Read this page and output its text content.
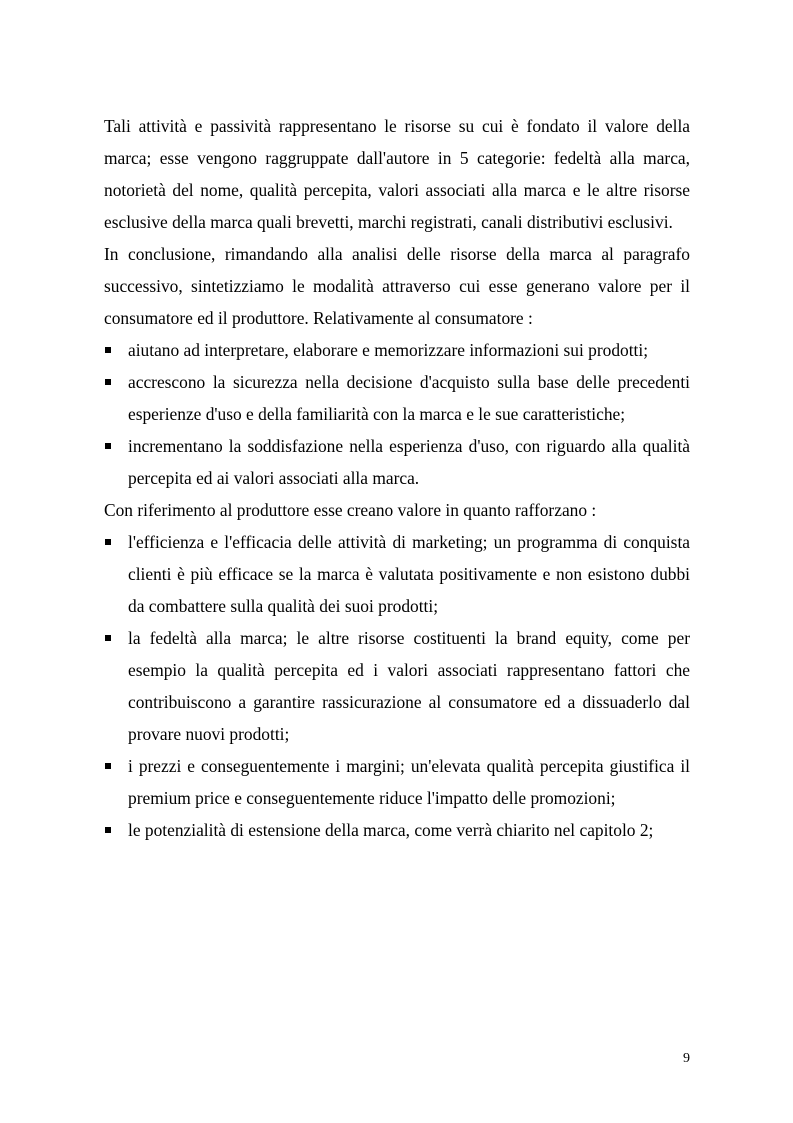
Tali attività e passività rappresentano le risorse su cui è fondato il valore della marca; esse vengono raggruppate dall'autore in 5 categorie: fedeltà alla marca, notorietà del nome, qualità percepita, valori associati alla marca e le altre risorse esclusive della marca quali brevetti, marchi registrati, canali distributivi esclusivi.

In conclusione, rimandando alla analisi delle risorse della marca al paragrafo successivo, sintetizziamo le modalità attraverso cui esse generano valore per il consumatore ed il produttore. Relativamente al consumatore :

aiutano ad interpretare, elaborare e memorizzare informazioni sui prodotti;
accrescono la sicurezza nella decisione d'acquisto sulla base delle precedenti esperienze d'uso e della familiarità con la marca e le sue caratteristiche;
incrementano la soddisfazione nella esperienza d'uso, con riguardo alla qualità percepita ed ai valori associati alla marca.

Con riferimento al produttore esse creano valore in quanto rafforzano :

l'efficienza e l'efficacia delle attività di marketing; un programma di conquista clienti è più efficace se la marca è valutata positivamente e non esistono dubbi da combattere sulla qualità dei suoi prodotti;
la fedeltà alla marca; le altre risorse costituenti la brand equity, come per esempio la qualità percepita ed i valori associati rappresentano fattori che contribuiscono a garantire rassicurazione al consumatore ed a dissuaderlo dal provare nuovi prodotti;
i prezzi e conseguentemente i margini; un'elevata qualità percepita giustifica il premium price e conseguentemente riduce l'impatto delle promozioni;
le potenzialità di estensione della marca, come verrà chiarito nel capitolo 2;
9
